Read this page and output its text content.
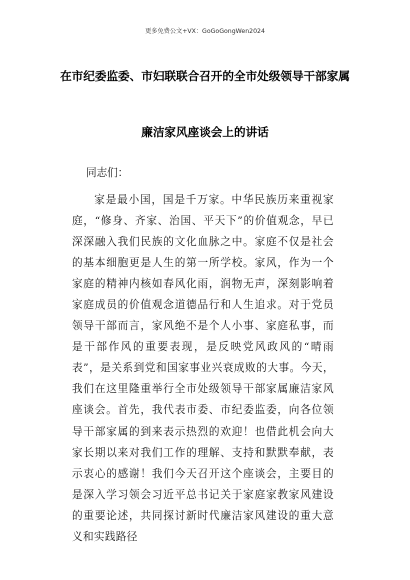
更多免费公文+VX：GoGoGongWen2024
在市纪委监委、市妇联联合召开的全市处级领导干部家属
廉洁家风座谈会上的讲话
同志们：
家是最小国，国是千万家。中华民族历来重视家庭，“修身、齐家、治国、平天下”的价值观念，早已深深融入我们民族的文化血脉之中。家庭不仅是社会的基本细胞更是人生的第一所学校。家风，作为一个家庭的精神内核如春风化雨，润物无声，深刻影响着家庭成员的价值观念道德品行和人生追求。对于党员领导干部而言，家风绝不是个人小事、家庭私事，而是干部作风的重要表现，是反映党风政风的“晴雨表”，是关系到党和国家事业兴衰成败的大事。今天，我们在这里隆重举行全市处级领导干部家属廉洁家风座谈会。首先，我代表市委、市纪委监委，向各位领导干部家属的到来表示热烈的欢迎！也借此机会向大家长期以来对我们工作的理解、支持和默默奉献，表示衷心的感谢！我们今天召开这个座谈会，主要目的是深入学习领会习近平总书记关于家庭家教家风建设的重要论述，共同探讨新时代廉洁家风建设的重大意义和实践路径
